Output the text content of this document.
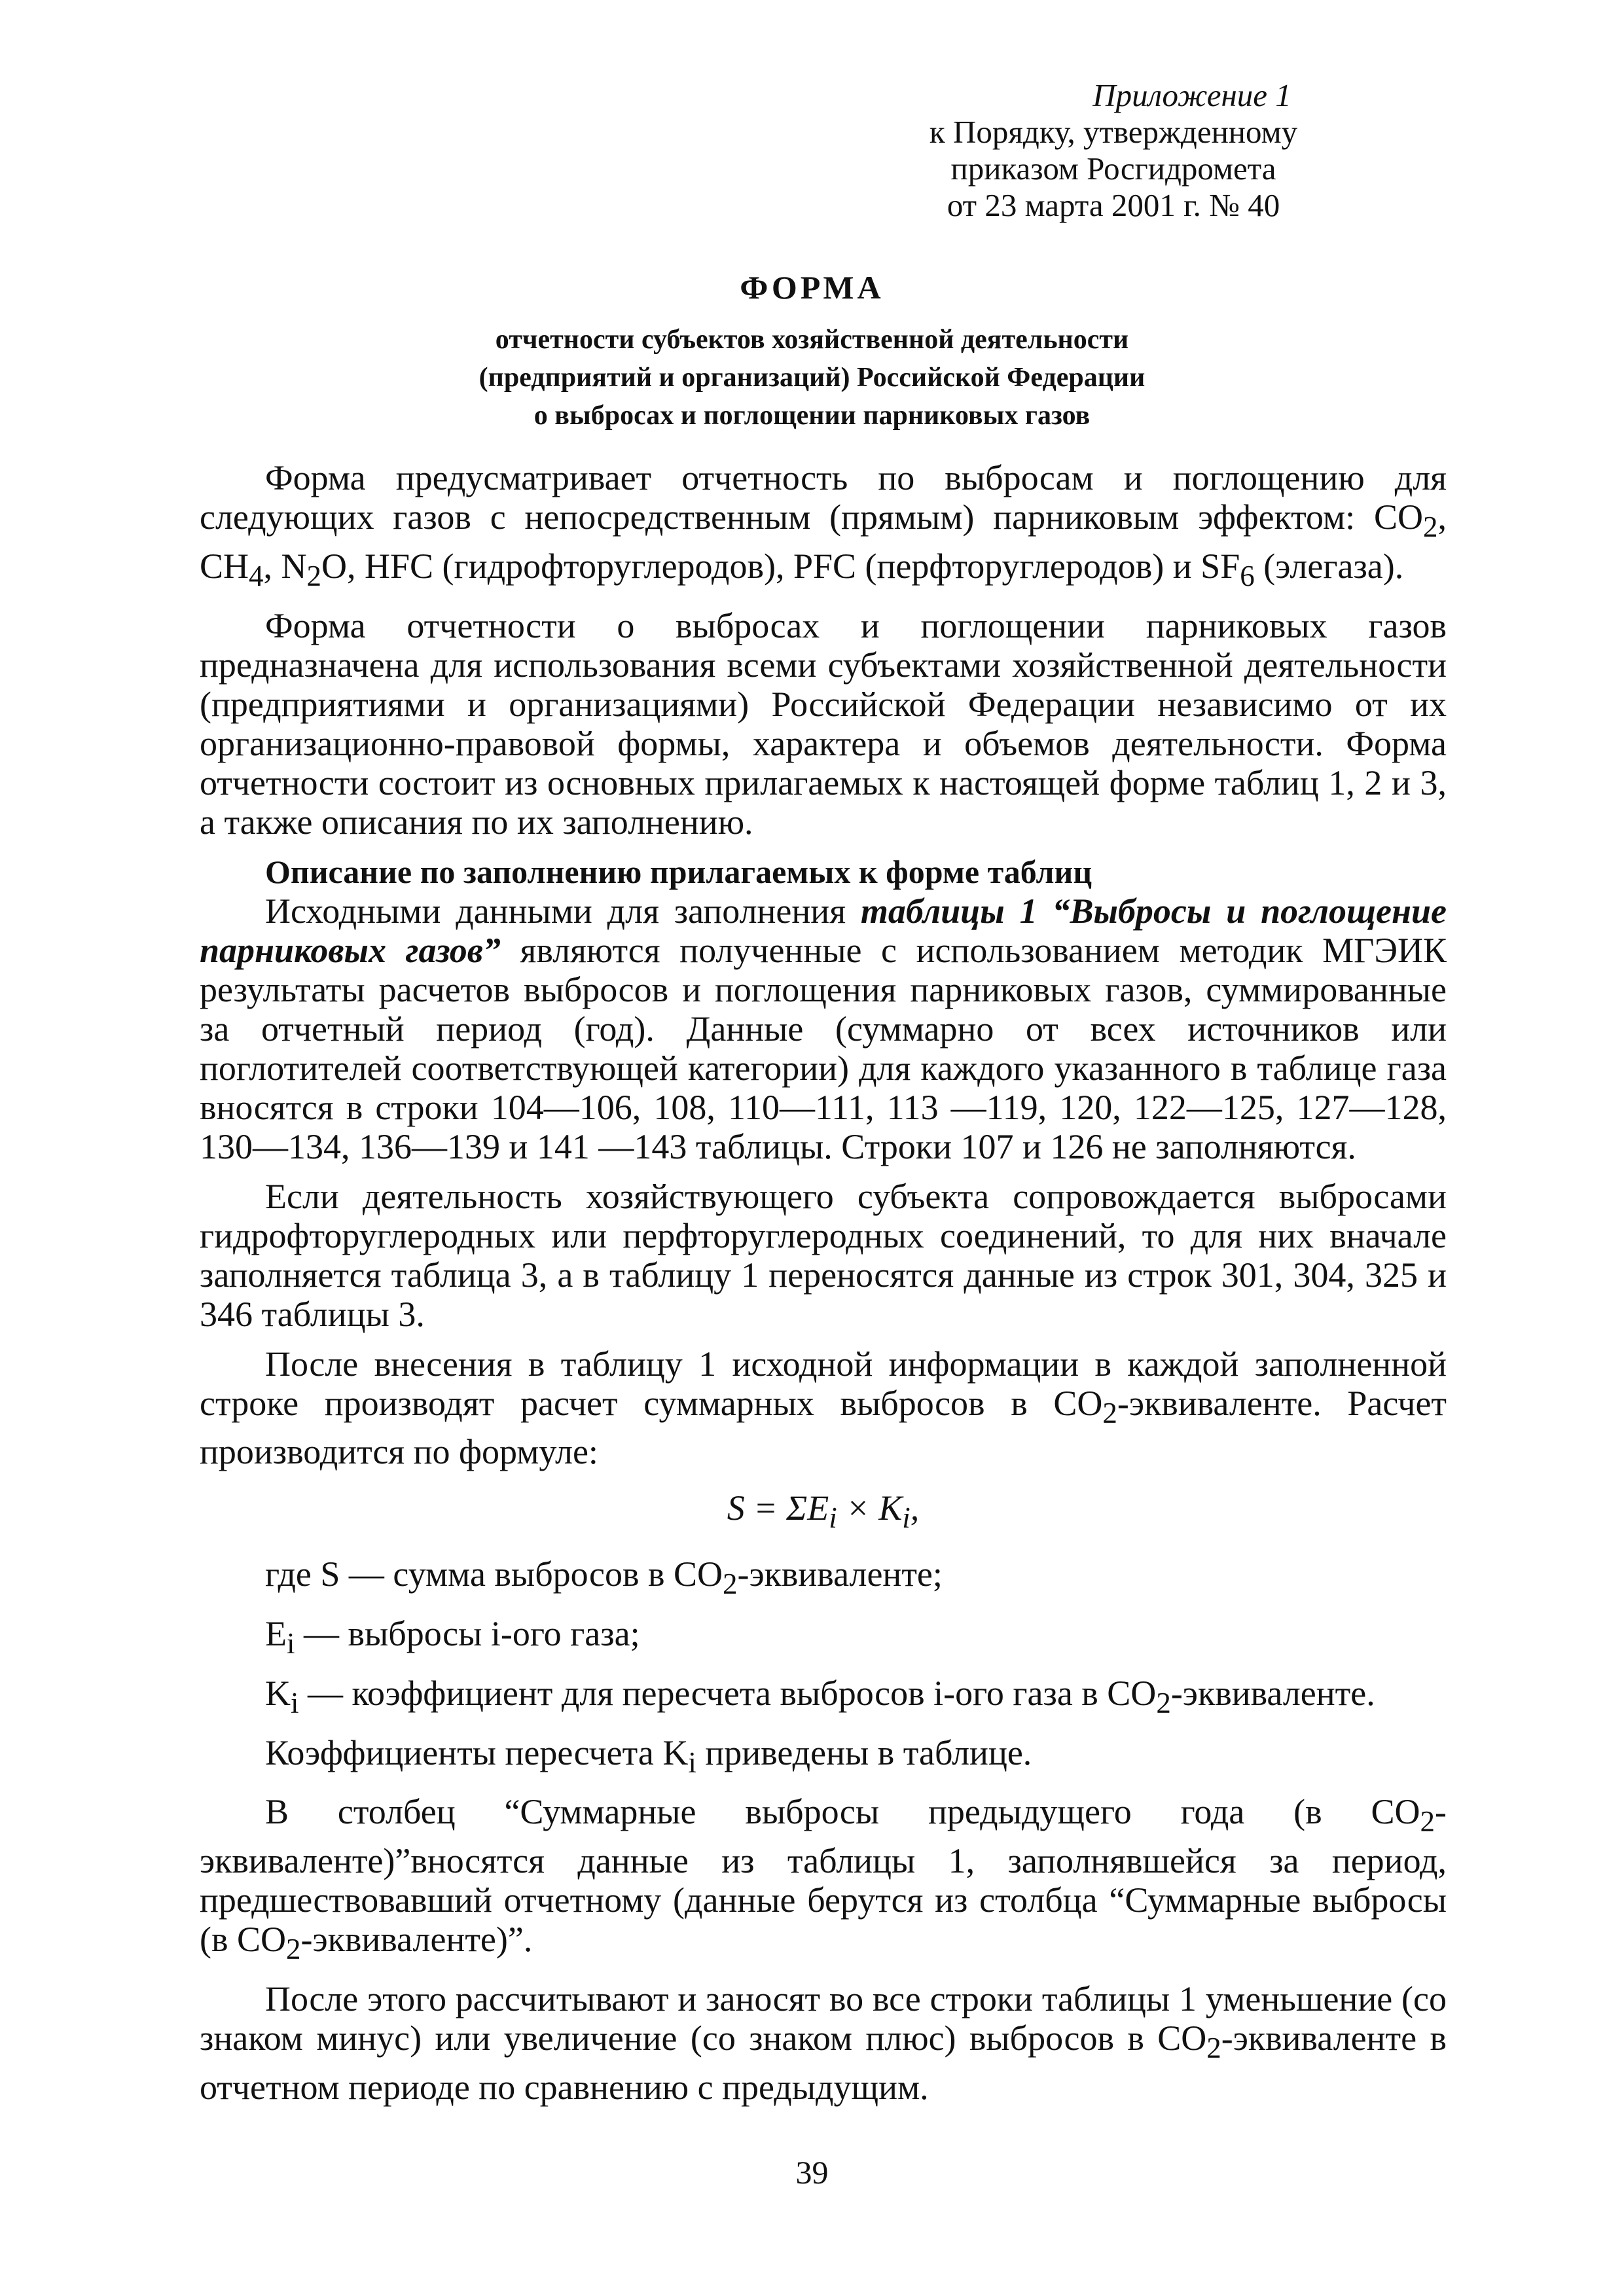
Приложение 1
к Порядку, утвержденному
приказом Росгидромета
от 23 марта 2001 г. № 40
ФОРМА
отчетности субъектов хозяйственной деятельности
(предприятий и организаций) Российской Федерации
о выбросах и поглощении парниковых газов

Форма предусматривает отчетность по выбросам и поглощению для следующих газов с непосредственным (прямым) парниковым эффектом: $CO_2$, $CH_4$, $N_2O$, HFC (гидрофторуглеродов), PFC (перфторуглеродов) и $SF_6$ (элегаза).

Форма отчетности о выбросах и поглощении парниковых газов предназначена для использования всеми субъектами хозяйственной деятельности (предприятиями и организациями) Российской Федерации независимо от их организационно-правовой формы, характера и объемов деятельности. Форма отчетности состоит из основных прилагаемых к настоящей форме таблиц 1, 2 и 3, а также описания по их заполнению.

Описание по заполнению прилагаемых к форме таблиц

Исходными данными для заполнения таблицы 1 “Выбросы и поглощение парниковых газов” являются полученные с использованием методик МГЭИК результаты расчетов выбросов и поглощения парниковых газов, суммированные за отчетный период (год). Данные (суммарно от всех источников или поглотителей соответствующей категории) для каждого указанного в таблице газа вносятся в строки 104—106, 108, 110—111, 113 —119, 120, 122—125, 127—128, 130—134, 136—139 и 141 —143 таблицы. Строки 107 и 126 не заполняются.

Если деятельность хозяйствующего субъекта сопровождается выбросами гидрофторуглеродных или перфторуглеродных соединений, то для них вначале заполняется таблица 3, а в таблицу 1 переносятся данные из строк 301, 304, 325 и 346 таблицы 3.

После внесения в таблицу 1 исходной информации в каждой заполненной строке производят расчет суммарных выбросов в $CO_2$-эквиваленте. Расчет производится по формуле:

$S = \Sigma E_i \times K_i$,

где S — сумма выбросов в $CO_2$-эквиваленте;

$E_i$ — выбросы i-ого газа;

$K_i$ — коэффициент для пересчета выбросов i-ого газа в $CO_2$-эквиваленте.

Коэффициенты пересчета $K_i$ приведены в таблице.

В столбец “Суммарные выбросы предыдущего года (в $CO_2-эквиваленте)”вносятся$ данные из таблицы 1, заполнявшейся за период, предшествовавший отчетному (данные берутся из столбца “Суммарные выбросы (в $CO_2-эквиваленте$)”.

После этого рассчитывают и заносят во все строки таблицы 1 уменьшение (со знаком минус) или увеличение (со знаком плюс) выбросов в $CO_2$-эквиваленте в отчетном периоде по сравнению с предыдущим.

39
